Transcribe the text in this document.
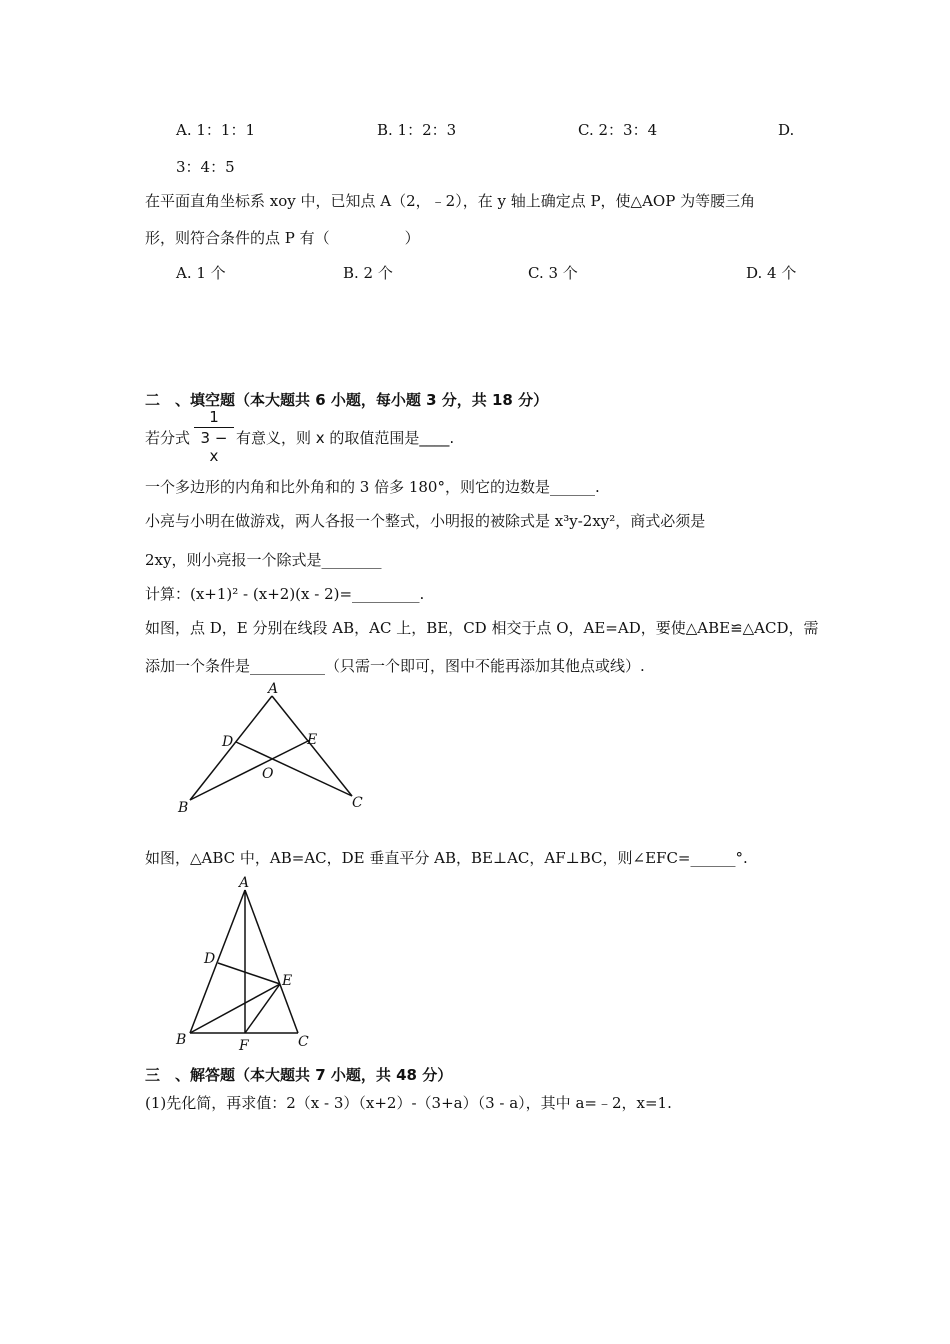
A. 1：1：1	B. 1：2：3	C. 2：3：4	D.
3：4：5
在平面直角坐标系 xoy 中，已知点 A（2，﹣2），在 y 轴上确定点 P，使△AOP 为等腰三角
形，则符合条件的点 P 有（　　　　　）
A. 1 个	B. 2 个	C. 3 个	D. 4 个
二　、填空题（本大题共 6 小题，每小题 3 分，共 18 分）
若分式
1
3 − x
有意义，则 x 的取值范围是____.
一个多边形的内角和比外角和的 3 倍多 180°，则它的边数是______.
小亮与小明在做游戏，两人各报一个整式，小明报的被除式是 x³y-2xy²，商式必须是
2xy，则小亮报一个除式是________
计算：(x+1)² - (x+2)(x - 2)=_________.
如图，点 D，E 分别在线段 AB，AC 上，BE，CD 相交于点 O，AE=AD，要使△ABE≌△ACD，需
添加一个条件是__________（只需一个即可，图中不能再添加其他点或线）.
A
B	C
D	E
O
如图，△ABC 中，AB=AC，DE 垂直平分 AB，BE⊥AC，AF⊥BC，则∠EFC=______°.
A
B	C
D
E
F
三　、解答题（本大题共 7 小题，共 48 分）
(1)先化简，再求值：2（x - 3）（x+2）-（3+a）（3 - a），其中 a=﹣2，x=1.
